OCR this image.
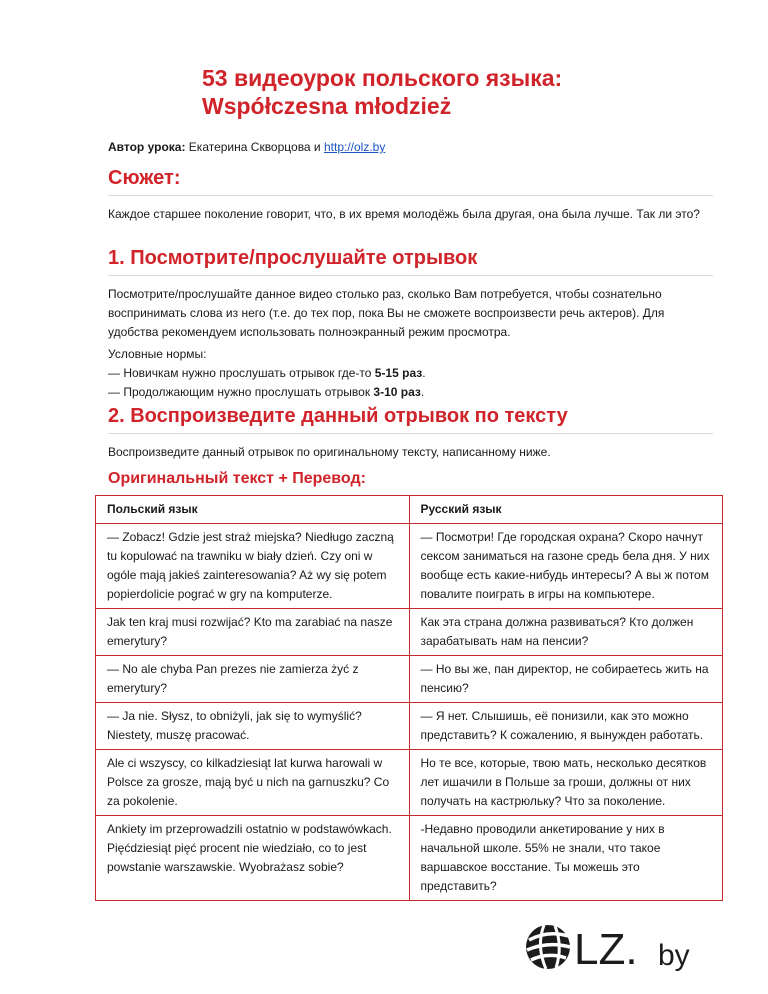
53 видеоурок польского языка:
Współczesna młodzież
Автор урока: Екатерина Скворцова и http://olz.by
Сюжет:

Каждое старшее поколение говорит, что, в их время молодёжь была другая, она была лучше. Так ли это?

1. Посмотрите/прослушайте отрывок

Посмотрите/прослушайте данное видео столько раз, сколько Вам потребуется, чтобы сознательно воспринимать слова из него (т.е. до тех пор, пока Вы не сможете воспроизвести речь актеров). Для удобства рекомендуем использовать полноэкранный режим просмотра.

Условные нормы:
— Новичкам нужно прослушать отрывок где-то 5-15 раз.
— Продолжающим нужно прослушать отрывок 3-10 раз.
2. Воспроизведите данный отрывок по тексту

Воспроизведите данный отрывок по оригинальному тексту, написанному ниже.

Оригинальный текст + Перевод:
Польский язык	Русский язык
— Zobacz! Gdzie jest straż miejska? Niedługo zaczną tu kopulować na trawniku w biały dzień. Czy oni w ogóle mają jakieś zainteresowania? Aż wy się potem popierdolicie pograć w gry na komputerze.	— Посмотри! Где городская охрана? Скоро начнут сексом заниматься на газоне средь бела дня. У них вообще есть какие-нибудь интересы? А вы ж потом повалите поиграть в игры на компьютере.
Jak ten kraj musi rozwijać? Kto ma zarabiać na nasze emerytury?	Как эта страна должна развиваться? Кто должен зарабатывать нам на пенсии?
— No ale chyba Pan prezes nie zamierza żyć z emerytury?	— Но вы же, пан директор, не собираетесь жить на пенсию?
— Ja nie. Słysz, to obniżyli, jak się to wymyślić? Niestety, muszę pracować.	— Я нет. Слышишь, её понизили, как это можно представить? К сожалению, я вынужден работать.
Ale ci wszyscy, co kilkadziesiąt lat kurwa harowali w Polsce za grosze, mają być u nich na garnuszku? Co za pokolenie.	Но те все, которые, твою мать, несколько десятков лет ишачили в Польше за гроши, должны от них получать на кастрюльку? Что за поколение.
Ankiety im przeprowadzili ostatnio w podstawówkach. Pięćdziesiąt pięć procent nie wiedziało, co to jest powstanie warszawskie. Wyobrażasz sobie?	-Недавно проводили анкетирование у них в начальной школе. 55% не знали, что такое варшавское восстание. Ты можешь это представить?
LZ. by
